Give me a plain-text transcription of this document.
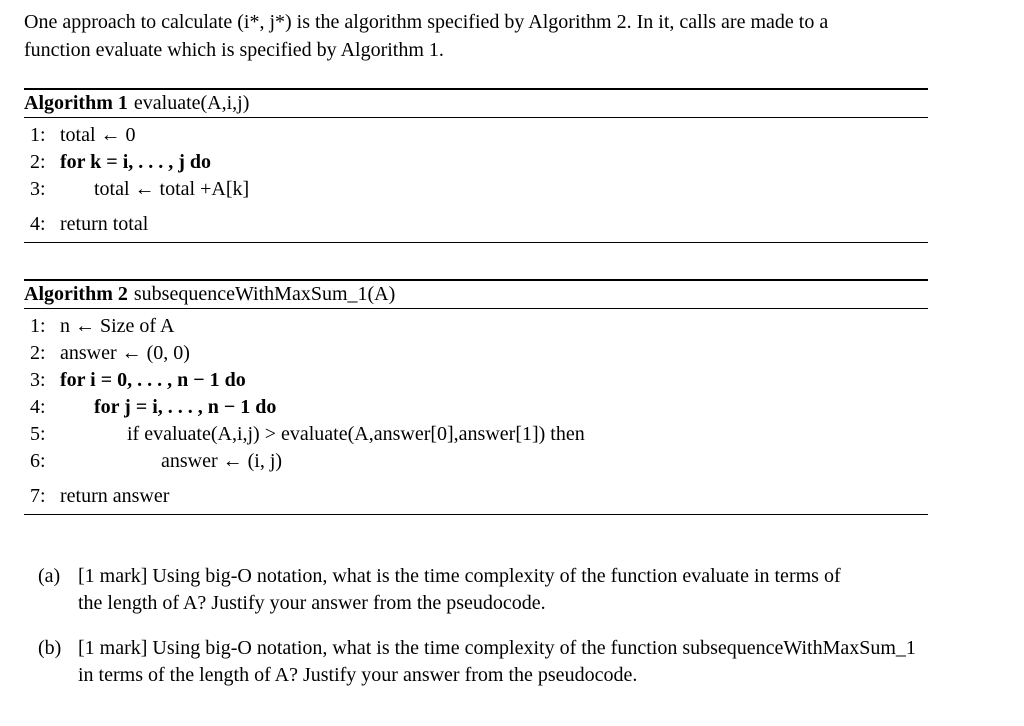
One approach to calculate (i*, j*) is the algorithm specified by Algorithm 2. In it, calls are made to a
function evaluate which is specified by Algorithm 1.
Algorithm 1 evaluate(A,i,j)
1: total ← 0
2: for k = i, . . . , j do
3:	total ← total +A[k]
4: return total
Algorithm 2 subsequenceWithMaxSum_1(A)
1: n ← Size of A
2: answer ← (0, 0)
3: for i = 0, . . . , n − 1 do
4:	for j = i, . . . , n − 1 do
5:	if evaluate(A,i,j) > evaluate(A,answer[0],answer[1]) then
6:	answer ← (i, j)
7: return answer
(a) [1 mark] Using big-O notation, what is the time complexity of the function evaluate in terms of
the length of A? Justify your answer from the pseudocode.
(b) [1 mark] Using big-O notation, what is the time complexity of the function subsequenceWithMaxSum_1
in terms of the length of A? Justify your answer from the pseudocode.
